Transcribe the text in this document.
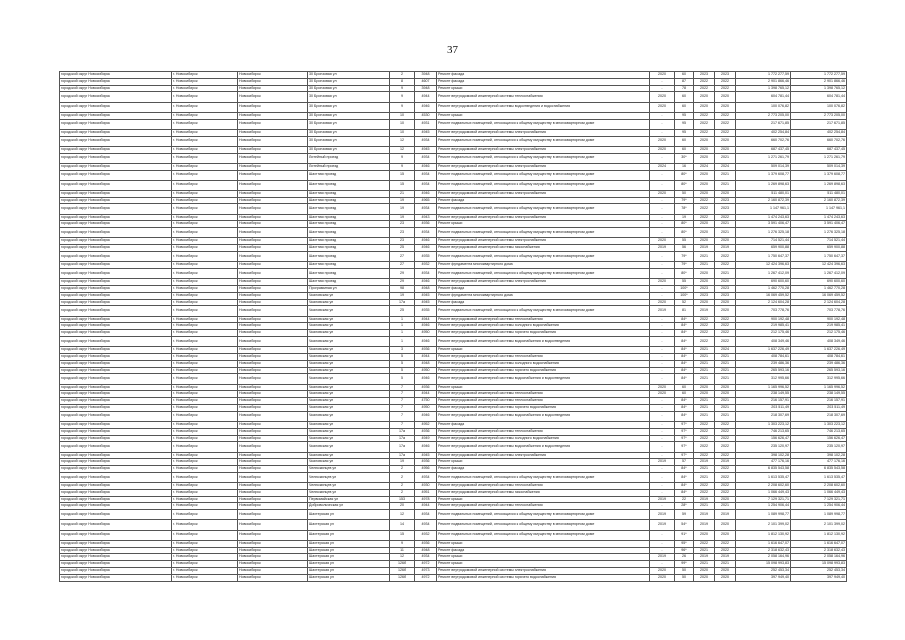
37
городской округ Новосибирск	г. Новосибирск	Новосибирск	30 Бронзовая ул	2	3948	Ремонт фасада	2020	60	2023	2023	1 772 277,59	1 772 277,59
городской округ Новосибирск	г. Новосибирск	Новосибирск	30 Бронзовая ул	8	4607	Ремонт фасада	-	87	2022	2022	2 901 866,46	2 901 866,46
городской округ Новосибирск	г. Новосибирск	Новосибирск	30 Бронзовая ул	9	3948	Ремонт крыши	-	78	2022	2022	1 398 765,12	1 398 765,12
городской округ Новосибирск	г. Новосибирск	Новосибирск	30 Бронзовая ул	9	4944	Ремонт внутридомовой инженерной системы теплоснабжения	2020	60	2020	2020	604 781,44	604 781,44
городской округ Новосибирск	г. Новосибирск	Новосибирск	30 Бронзовая ул	9	4946	Ремонт внутридомовой инженерной системы водоотведения и водоснабжения	2020	60	2020	2020	100 076,82	100 076,82
городской округ Новосибирск	г. Новосибирск	Новосибирск	30 Бронзовая ул	10	4530	Ремонт крыши	-	95	2022	2022	2 773 205,00	2 773 205,00
городской округ Новосибирск	г. Новосибирск	Новосибирск	30 Бронзовая ул	10	4931	Ремонт подвальных помещений, относящихся к общему имуществу в многоквартирном доме	-	95	2022	2022	217 671,85	217 671,85
городской округ Новосибирск	г. Новосибирск	Новосибирск	30 Бронзовая ул	10	4945	Ремонт внутридомовой инженерной системы электроснабжения	-	95	2022	2022	402 254,84	402 254,84
городской округ Новосибирск	г. Новосибирск	Новосибирск	30 Бронзовая ул	12	4934	Ремонт подвальных помещений, относящихся к общему имуществу в многоквартирном доме	2020	60	2020	2020	660 702,76	660 702,76
городской округ Новосибирск	г. Новосибирск	Новосибирск	30 Бронзовая ул	12	4945	Ремонт внутридомовой инженерной системы электроснабжения	2020	60	2020	2020	687 437,45	687 437,45
городской округ Новосибирск	г. Новосибирск	Новосибирск	Литейный проезд	9	4934	Ремонт подвальных помещений, относящихся к общему имуществу в многоквартирном доме	-	30*	2020	2021	1 271 261,79	1 271 261,79
городской округ Новосибирск	г. Новосибирск	Новосибирск	Литейный проезд	9	4946	Ремонт внутридомовой инженерной системы электроснабжения	2024	16	2024	2024	509 014,39	509 014,39
городской округ Новосибирск	г. Новосибирск	Новосибирск	Шахтная проезд	15	4934	Ремонт подвальных помещений, относящихся к общему имуществу в многоквартирном доме	-	80*	2020	2021	1 379 608,77	1 379 608,77
городской округ Новосибирск	г. Новосибирск	Новосибирск	Шахтная проезд	15	4934	Ремонт подвальных помещений, относящихся к общему имуществу в многоквартирном доме	-	80*	2020	2021	1 269 898,63	1 269 898,63
городской округ Новосибирск	г. Новосибирск	Новосибирск	Шахтная проезд	21	4946	Ремонт внутридомовой инженерной системы электроснабжения	2020	50	2020	2020	511 480,01	511 480,01
городской округ Новосибирск	г. Новосибирск	Новосибирск	Шахтная проезд	19	4965	Ремонт фасада	-	79*	2022	2023	2 160 872,39	2 160 872,39
городской округ Новосибирск	г. Новосибирск	Новосибирск	Шахтная проезд	19	4934	Ремонт подвальных помещений, относящихся к общему имуществу в многоквартирном доме	-	78*	2022	2023	1 147 961,1	1 147 961,1
городской округ Новосибирск	г. Новосибирск	Новосибирск	Шахтная проезд	19	4943	Ремонт внутридомовой инженерной системы электроснабжения	-	19	2022	2022	1 474 243,63	1 474 243,63
городской округ Новосибирск	г. Новосибирск	Новосибирск	Шахтная проезд	23	4936	Ремонт крыши	-	80*	2020	2021	3 591 406,47	3 591 406,47
городской округ Новосибирск	г. Новосибирск	Новосибирск	Шахтная проезд	23	4934	Ремонт подвальных помещений, относящихся к общему имуществу в многоквартирном доме	-	80*	2020	2021	1 276 325,18	1 276 325,18
городской округ Новосибирск	г. Новосибирск	Новосибирск	Шахтная проезд	23	4946	Ремонт внутридомовой инженерной системы электроснабжения	2020	55	2020	2020	714 521,44	714 521,44
городской округ Новосибирск	г. Новосибирск	Новосибирск	Шахтная проезд	25	4946	Ремонт внутридомовой инженерной системы газоснабжения	2019	56	2019	2019	659 900,88	659 900,88
городской округ Новосибирск	г. Новосибирск	Новосибирск	Шахтная проезд	27	4935	Ремонт подвальных помещений, относящихся к общему имуществу в многоквартирном доме	-	79*	2021	2022	1 750 647,37	1 750 647,37
городской округ Новосибирск	г. Новосибирск	Новосибирск	Шахтная проезд	27	4932	Ремонт фундамента многоквартирного дома	-	79*	2021	2022	12 424 396,63	12 424 396,63
городской округ Новосибирск	г. Новосибирск	Новосибирск	Шахтная проезд	29	4934	Ремонт подвальных помещений, относящихся к общему имуществу в многоквартирном доме	-	80*	2020	2021	1 267 412,09	1 267 412,09
городской округ Новосибирск	г. Новосибирск	Новосибирск	Шахтная проезд	29	4946	Ремонт внутридомовой инженерной системы электроснабжения	2020	55	2020	2020	690 600,60	690 600,60
городской округ Новосибирск	г. Новосибирск	Новосибирск	Программная ул	98	4948	Ремонт фасада	-	100*	2023	2023	1 462 770,28	1 462 770,28
городской округ Новосибирск	г. Новосибирск	Новосибирск	Чкаловская ул	19	4945	Ремонт фундамента многоквартирного дома	-	100*	2023	2023	16 069 459,52	16 069 459,52
городской округ Новосибирск	г. Новосибирск	Новосибирск	Чкаловская ул	17a	4945	Ремонт фасада	2020	52	2020	2020	2 124 604,28	2 124 604,28
городской округ Новосибирск	г. Новосибирск	Новосибирск	Чкаловская ул	25	4935	Ремонт подвальных помещений, относящихся к общему имуществу в многоквартирном доме	2019	81	2019	2020	703 778,76	703 778,76
городской округ Новосибирск	г. Новосибирск	Новосибирск	Чкаловская ул	1	4944	Ремонт внутридомовой инженерной системы теплоснабжения	-	84*	2022	2022	900 192,48	900 192,48
городской округ Новосибирск	г. Новосибирск	Новосибирск	Чкаловская ул	1	4946	Ремонт внутридомовой инженерной системы холодного водоснабжения	-	84*	2022	2022	219 985,41	219 985,41
городской округ Новосибирск	г. Новосибирск	Новосибирск	Чкаловская ул	1	4950	Ремонт внутридомовой инженерной системы горячего водоснабжения	-	84*	2022	2022	212 175,46	212 175,46
городской округ Новосибирск	г. Новосибирск	Новосибирск	Чкаловская ул	1	4946	Ремонт внутридомовой инженерной системы водоснабжения и водоотведения	-	84*	2022	2022	408 349,46	408 349,46
городской округ Новосибирск	г. Новосибирск	Новосибирск	Чкаловская ул	3	4936	Ремонт крыши	-	84*	2021	2024	1 637 226,49	1 637 226,49
городской округ Новосибирск	г. Новосибирск	Новосибирск	Чкаловская ул	5	4944	Ремонт внутридомовой инженерной системы теплоснабжения	-	84*	2021	2021	408 784,61	408 784,61
городской округ Новосибирск	г. Новосибирск	Новосибирск	Чкаловская ул	5	4948	Ремонт внутридомовой инженерной системы холодного водоснабжения	-	84*	2021	2021	239 486,36	239 486,36
городской округ Новосибирск	г. Новосибирск	Новосибирск	Чкаловская ул	5	4950	Ремонт внутридомовой инженерной системы горячего водоснабжения	-	84*	2021	2021	265 593,16	265 593,16
городской округ Новосибирск	г. Новосибирск	Новосибирск	Чкаловская ул	5	4946	Ремонт внутридомовой инженерной системы водоснабжения и водоотведения	-	84*	2021	2021	312 995,66	312 995,66
городской округ Новосибирск	г. Новосибирск	Новосибирск	Чкаловская ул	7	4936	Ремонт крыши	2020	60	2020	2020	1 165 996,52	1 165 996,52
городской округ Новосибирск	г. Новосибирск	Новосибирск	Чкаловская ул	7	4944	Ремонт внутридомовой инженерной системы теплоснабжения	2020	60	2020	2020	238 149,55	238 149,55
городской округ Новосибирск	г. Новосибирск	Новосибирск	Чкаловская ул	7	4750	Ремонт внутридомовой инженерной системы теплоснабжения	-	84*	2021	2021	216 157,91	216 157,91
городской округ Новосибирск	г. Новосибирск	Новосибирск	Чкаловская ул	7	4950	Ремонт внутридомовой инженерной системы горячего водоснабжения	-	84*	2021	2021	203 511,49	203 511,49
городской округ Новосибирск	г. Новосибирск	Новосибирск	Чкаловская ул	7	4946	Ремонт внутридомовой инженерной системы водоснабжения и водоотведения	-	84*	2021	2021	218 307,69	218 307,69
городской округ Новосибирск	г. Новосибирск	Новосибирск	Чкаловская ул	7	4952	Ремонт фасада	-	97*	2022	2022	1 303 223,12	1 303 223,12
городской округ Новосибирск	г. Новосибирск	Новосибирск	Чкаловская ул	17a	4936	Ремонт внутридомовой инженерной системы теплоснабжения	-	97*	2022	2022	746 213,65	746 213,65
городской округ Новосибирск	г. Новосибирск	Новосибирск	Чкаловская ул	17a	4949	Ремонт внутридомовой инженерной системы холодного водоснабжения	-	97*	2022	2022	156 626,47	156 626,47
городской округ Новосибирск	г. Новосибирск	Новосибирск	Чкаловская ул	17a	4946	Ремонт внутридомовой инженерной системы водоснабжения и водоотведения	-	97*	2022	2022	235 120,97	235 120,97
городской округ Новосибирск	г. Новосибирск	Новосибирск	Чкаловская ул	17a	4945	Ремонт внутридомовой инженерной системы электроснабжения	-	97*	2022	2022	398 102,28	398 102,28
городской округ Новосибирск	г. Новосибирск	Новосибирск	Чкаловская ул	19	4936	Ремонт крыши	2019	57	2019	2019	477 176,16	477 176,16
городской округ Новосибирск	г. Новосибирск	Новосибирск	Челюскинцев ул	2	4956	Ремонт фасада	-	84*	2021	2022	6 835 543,58	6 835 543,58
городской округ Новосибирск	г. Новосибирск	Новосибирск	Челюскинцев ул	2	4934	Ремонт подвальных помещений, относящихся к общему имуществу в многоквартирном доме	-	84*	2021	2022	1 613 535,47	1 613 535,47
городской округ Новосибирск	г. Новосибирск	Новосибирск	Челюскинцев ул	2	4930	Ремонт внутридомовой инженерной системы теплоснабжения	-	84*	2022	2022	2 208 602,60	2 208 602,60
городской округ Новосибирск	г. Новосибирск	Новосибирск	Челюскинцев ул	2	4951	Ремонт внутридомовой инженерной системы газоснабжения	-	84*	2022	2022	1 066 449,43	1 066 449,43
городской округ Новосибирск	г. Новосибирск	Новосибирск	Первомайская ул	153	4978	Ремонт крыши	2019	22	2019	2020	7 129 321,71	7 129 321,71
городской округ Новосибирск	г. Новосибирск	Новосибирск	Добровольческая ул	20	4944	Ремонт внутридомовой инженерной системы теплоснабжения	-	28*	2021	2021	1 254 906,44	1 254 906,44
городской округ Новосибирск	г. Новосибирск	Новосибирск	Шахтерская ул	12	4934	Ремонт подвальных помещений, относящихся к общему имуществу в многоквартирном доме	2019	59	2019	2019	1 089 998,77	1 089 998,77
городской округ Новосибирск	г. Новосибирск	Новосибирск	Шахтерская ул	14	4934	Ремонт подвальных помещений, относящихся к общему имуществу в многоквартирном доме	2019	54*	2019	2020	2 101 399,02	2 101 399,02
городской округ Новосибирск	г. Новосибирск	Новосибирск	Шахтерская ул	15	4932	Ремонт подвальных помещений, относящихся к общему имуществу в многоквартирном доме	-	91*	2020	2020	1 812 130,92	1 812 130,92
городской округ Новосибирск	г. Новосибирск	Новосибирск	Шахтерская ул	9	4936	Ремонт крыши	-	95*	2022	2022	1 616 647,07	1 616 647,07
городской округ Новосибирск	г. Новосибирск	Новосибирск	Шахтерская ул	11	4948	Ремонт фасада	-	96*	2021	2022	2 318 632,43	2 318 632,43
городской округ Новосибирск	г. Новосибирск	Новосибирск	Шахтерская ул	12	4934	Ремонт крыши	2019	26	2019	2019	2 058 164,96	2 058 164,96
городской округ Новосибирск	г. Новосибирск	Новосибирск	Шахтерская ул	126б	4972	Ремонт крыши	-	99*	2021	2021	15 098 993,83	15 098 993,83
городской округ Новосибирск	г. Новосибирск	Новосибирск	Шахтерская ул	126б	4973	Ремонт внутридомовой инженерной системы электроснабжения	2020	50	2020	2020	252 453,34	252 453,34
городской округ Новосибирск	г. Новосибирск	Новосибирск	Шахтерская ул	126б	4972	Ремонт внутридомовой инженерной системы горячего водоснабжения	2020	50	2020	2020	397 949,40	397 949,40
